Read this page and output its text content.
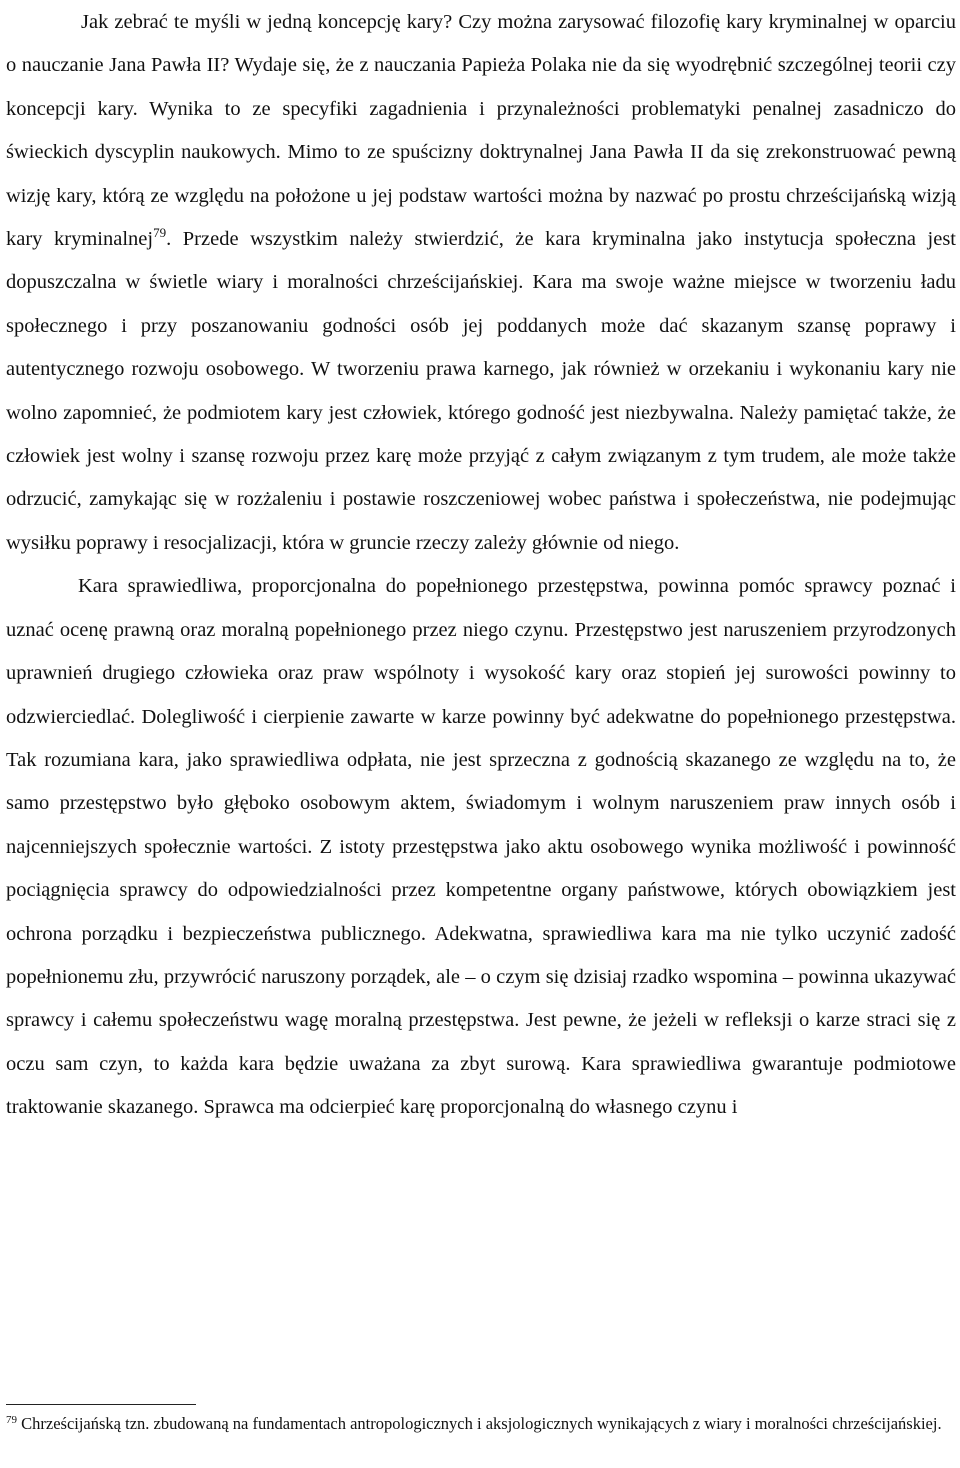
Jak zebrać te myśli w jedną koncepcję kary? Czy można zarysować filozofię kary kryminalnej w oparciu o nauczanie Jana Pawła II? Wydaje się, że z nauczania Papieża Polaka nie da się wyodrębnić szczególnej teorii czy koncepcji kary. Wynika to ze specyfiki zagadnienia i przynależności problematyki penalnej zasadniczo do świeckich dyscyplin naukowych. Mimo to ze spuścizny doktrynalnej Jana Pawła II da się zrekonstruować pewną wizję kary, którą ze względu na położone u jej podstaw wartości można by nazwać po prostu chrześcijańską wizją kary kryminalnej$^{79}$. Przede wszystkim należy stwierdzić, że kara kryminalna jako instytucja społeczna jest dopuszczalna w świetle wiary i moralności chrześcijańskiej. Kara ma swoje ważne miejsce w tworzeniu ładu społecznego i przy poszanowaniu godności osób jej poddanych może dać skazanym szansę poprawy i autentycznego rozwoju osobowego. W tworzeniu prawa karnego, jak również w orzekaniu i wykonaniu kary nie wolno zapomnieć, że podmiotem kary jest człowiek, którego godność jest niezbywalna. Należy pamiętać także, że człowiek jest wolny i szansę rozwoju przez karę może przyjąć z całym związanym z tym trudem, ale może także odrzucić, zamykając się w rozżaleniu i postawie roszczeniowej wobec państwa i społeczeństwa, nie podejmując wysiłku poprawy i resocjalizacji, która w gruncie rzeczy zależy głównie od niego.

Kara sprawiedliwa, proporcjonalna do popełnionego przestępstwa, powinna pomóc sprawcy poznać i uznać ocenę prawną oraz moralną popełnionego przez niego czynu. Przestępstwo jest naruszeniem przyrodzonych uprawnień drugiego człowieka oraz praw wspólnoty i wysokość kary oraz stopień jej surowości powinny to odzwierciedlać. Dolegliwość i cierpienie zawarte w karze powinny być adekwatne do popełnionego przestępstwa. Tak rozumiana kara, jako sprawiedliwa odpłata, nie jest sprzeczna z godnością skazanego ze względu na to, że samo przestępstwo było głęboko osobowym aktem, świadomym i wolnym naruszeniem praw innych osób i najcenniejszych społecznie wartości. Z istoty przestępstwa jako aktu osobowego wynika możliwość i powinność pociągnięcia sprawcy do odpowiedzialności przez kompetentne organy państwowe, których obowiązkiem jest ochrona porządku i bezpieczeństwa publicznego. Adekwatna, sprawiedliwa kara ma nie tylko uczynić zadość popełnionemu złu, przywrócić naruszony porządek, ale – o czym się dzisiaj rzadko wspomina – powinna ukazywać sprawcy i całemu społeczeństwu wagę moralną przestępstwa. Jest pewne, że jeżeli w refleksji o karze straci się z oczu sam czyn, to każda kara będzie uważana za zbyt surową. Kara sprawiedliwa gwarantuje podmiotowe traktowanie skazanego. Sprawca ma odcierpieć karę proporcjonalną do własnego czynu i

$^{79}$ Chrześcijańską tzn. zbudowaną na fundamentach antropologicznych i aksjologicznych wynikających z wiary i moralności chrześcijańskiej.
